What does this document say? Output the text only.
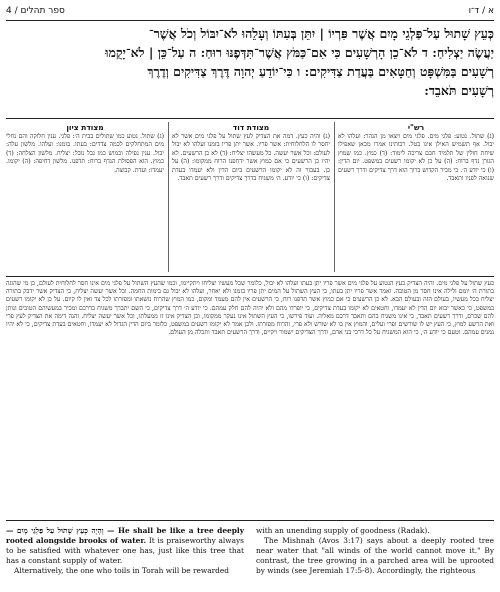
4 / ספר תהלים	א / ד־ו
כְּעֵץ שָׁתוּל עַל־פַּלְגֵי מָיִם אֲשֶׁר פִּרְיוֹ | יִתֵּן בְּעִתּוֹ וְעָלֵהוּ לֹא־יִבּוֹל וְכֹל אֲשֶׁר־
יַעֲשֶׂה יַצְלִיחַ: ד לֹא־כֵן הָרְשָׁעִים כִּי אִם־כַּמֹּץ אֲשֶׁר־תִּדְּפֶנּוּ רוּחַ: ה עַל־כֵּן | לֹא־יָקֻמוּ
רְשָׁעִים בַּמִּשְׁפָּט וְחַטָּאִים בַּעֲדַת צַדִּיקִים: ו כִּי־יוֹדֵעַ יְהוָה דֶּרֶךְ צַדִּיקִים וְדֶרֶךְ
רְשָׁעִים תֹּאבֵד:
רש"י
(ג) שתול. נטוע: פלגי מים. פלגי מים ויצאו מן הנהר: ועלהו לא יבול. אף תשמיש האילן אינו בטל. רבותינו אמרו מכאן שאפילו שיחת חולין של תלמיד חכם צריכה לימוד: (ד) כמץ. כמו שמוץ הגורן נדף ברוח: (ה) על כן לא יקומו רשעים במשפט. יום הדין: (ו) כי יודע ה׳. כי מכיר הקדוש ברוך הוא דרך צדיקים ודרך רשעים שנואה לפניו ותאבד.
מצודת דוד
(ג) והיה כעץ. דמה את הצדיק לעץ שתול על פלגי מים אשר לא יחסר לו הלחלוחית: אשר פריו. אשר יתן פריו בזמנו ועלהו לא יבול לעולם: וכל אשר יעשה. כל מעשהו יצליח: (ד) לא כן הרשעים. לא יהיו כן הרשעים כי אם כמוץ אשר ידחפנו הרוח ממקומו: (ה) על כן. בעבור זה לא יקומו הרשעים ביום הדין ולא יעמדו בעדת צדיקים: (ו) כי יודע. ה׳ משגיח בדרך צדיקים ודרך רשעים תאבד.
מצודת ציון
(ג) שתול. נטוע כמו שתולים בבית ה׳: פלגי. ענין חלוקה והם נחלי מים המתחלקים לכמה צדדים: בעתו. בזמנו: ועלהו. מלשון עלה: יבול. ענין נפילה וכמוש כמו נבל נובל: יצליח. מלשון הצלחה: (ד) כמוץ. הוא הפסולת הנדף ברוח: תדפנו. מלשון דחיפה: (ה) יקומו. יעמדו: ועדת. קבוצה.
כעץ שתול על פלגי מים. והיה הצדיק כעץ הנטוע על פלגי מים אשר פריו יתן בעתו ועלהו לא יבול, כלומר שכל מעשיו יצליחו ויתקיימו, וכמו שהעץ השתול על פלגי מים אינו חסר לחלוחית לעולם, כן מי שהוגה בתורת ה׳ יומם ולילה אינו חסר מן הטובה. ואמר אשר פריו יתן בעתו, כי העץ השתול על המים יתן פריו בזמנו ולא יאחר, ועלהו לא יבול גם בימות החמה. וכל אשר יעשה יצליח, כי הצדיק אשר ידבק בתורה יצליח בכל מעשיו, בעולם הזה ובעולם הבא. לא כן הרשעים כי אם כמוץ אשר תדפנו רוח, כי הרשעים אין להם מעמד ומקום, כמו המוץ שהרוח נושאתו ומפזרתו לכל צד ואין לו קיום. על כן לא יקומו רשעים במשפט, כי כאשר יבוא יום הדין לא יעמדו, וחטאים לא יקומו בעדת צדיקים, כי יופרדו מהם ולא יהיה להם חלק עמהם. כי יודע ה׳ דרך צדיקים, כי השם יתברך משגיח בדרכם ומכיר במעשיהם הטובים ונותן להם שכרם, ודרך רשעים תאבד, כי אינו משגיח בהם ותאבד דרכם מאליה. ועוד פירשו, כי העץ השתול אינו נעקר ממקומו, וכן הצדיק אינו זז ממעלתו, וכל אשר יעשה יצליח. והנה דימה את הצדיק לעץ פרי ואת הרשע למוץ, כי העץ יש לו שורשים ופרי ועלים, והמוץ אין בו לא שורש ולא פרי, והרוח מפזרתו. ולכן אמר לא יקומו רשעים במשפט, כלומר ביום הדין הגדול לא יעמדו, וחטאים בעדת צדיקים, כי לא יהיו נמנים עמהם. וטעם כי יודע ה׳, כי הוא המשגיח על כל דרכי בני אדם, ודרך הצדיקים ישמור ויקיים, ודרך הרשעים תאבד ותכלה מן העולם.
— וְהָיָה כְּעֵץ שָׁתוּל עַל פַּלְגֵי מָיִם — He shall be like a tree deeply rooted alongside brooks of water. It is praiseworthy always to be satisfied with whatever one has, just like this tree that has a constant supply of water.
Alternatively, the one who toils in Torah will be rewarded
with an unending supply of goodness (Radak).
The Mishnah (Avos 3:17) says about a deeply rooted tree near water that "all winds of the world cannot move it." By contrast, the tree growing in a parched area will be uprooted by winds (see Jeremiah 17:5-8). Accordingly, the righteous
